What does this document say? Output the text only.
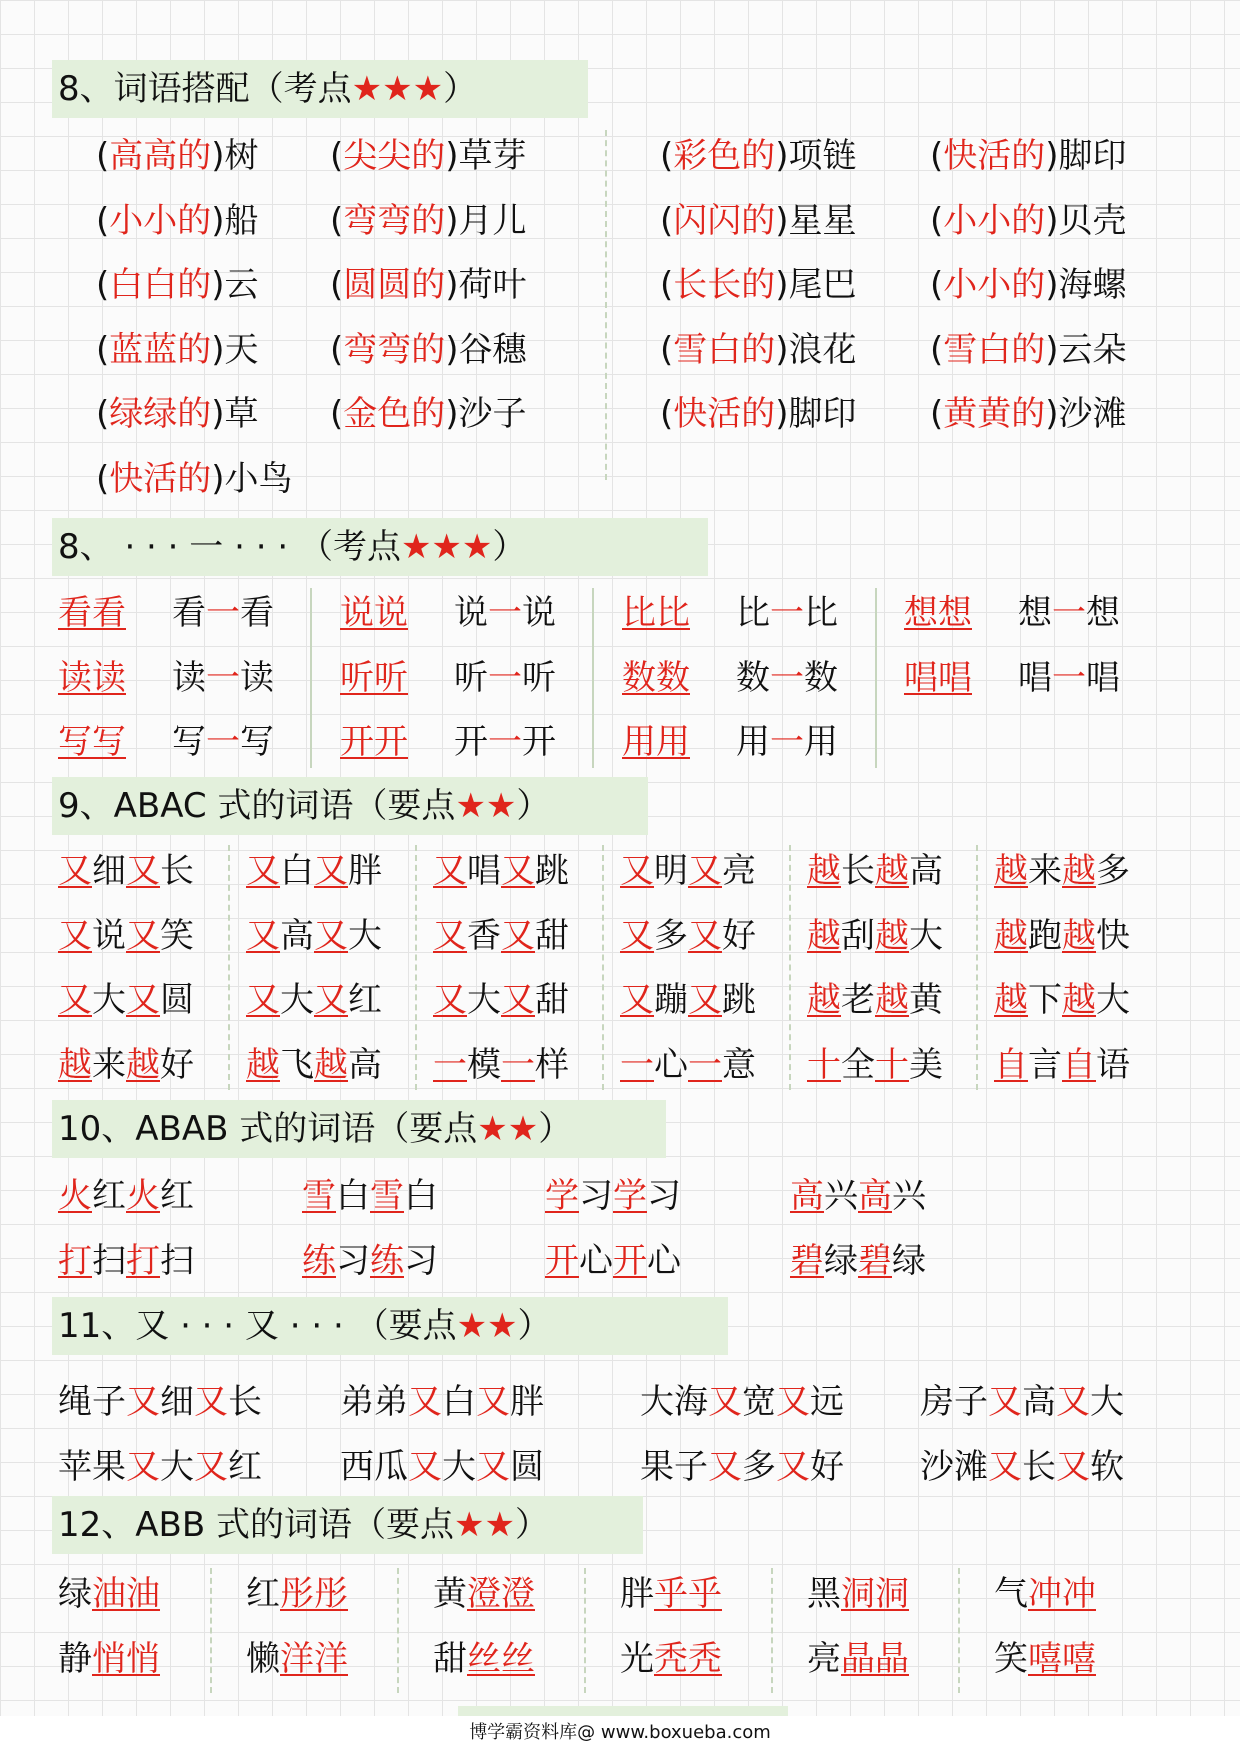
8、词语搭配（考点★★★）
(高高的)树 (尖尖的)草芽	(彩色的)项链 (快活的)脚印
(小小的)船 (弯弯的)月儿	(闪闪的)星星 (小小的)贝壳
(白白的)云 (圆圆的)荷叶	(长长的)尾巴 (小小的)海螺
(蓝蓝的)天 (弯弯的)谷穗	(雪白的)浪花 (雪白的)云朵
(绿绿的)草 (金色的)沙子	(快活的)脚印 (黄黄的)沙滩
(快活的)小鸟
8、 · · · 一 · · · （考点★★★）
看看 看一看 说说 说一说 比比 比一比 想想 想一想
读读 读一读 听听 听一听 数数 数一数 唱唱 唱一唱
写写 写一写 开开 开一开 用用 用一用
9、ABAC 式的词语（要点★★）
又细又长 又白又胖 又唱又跳 又明又亮 越长越高 越来越多
又说又笑 又高又大 又香又甜 又多又好 越刮越大 越跑越快
又大又圆 又大又红 又大又甜 又蹦又跳 越老越黄 越下越大
越来越好 越飞越高 一模一样 一心一意 十全十美 自言自语
10、ABAB 式的词语（要点★★）
火红火红	雪白雪白	学习学习	高兴高兴
打扫打扫	练习练习	开心开心	碧绿碧绿
11、又 · · · 又 · · · （要点★★）
绳子又细又长 弟弟又白又胖	大海又宽又远 房子又高又大
苹果又大又红 西瓜又大又圆	果子又多又好 沙滩又长又软
12、ABB 式的词语（要点★★）
绿油油	红彤彤	黄澄澄	胖乎乎	黑洞洞	气冲冲
静悄悄	懒洋洋	甜丝丝	光秃秃	亮晶晶	笑嘻嘻
博学霸资料库@ www.boxueba.com
